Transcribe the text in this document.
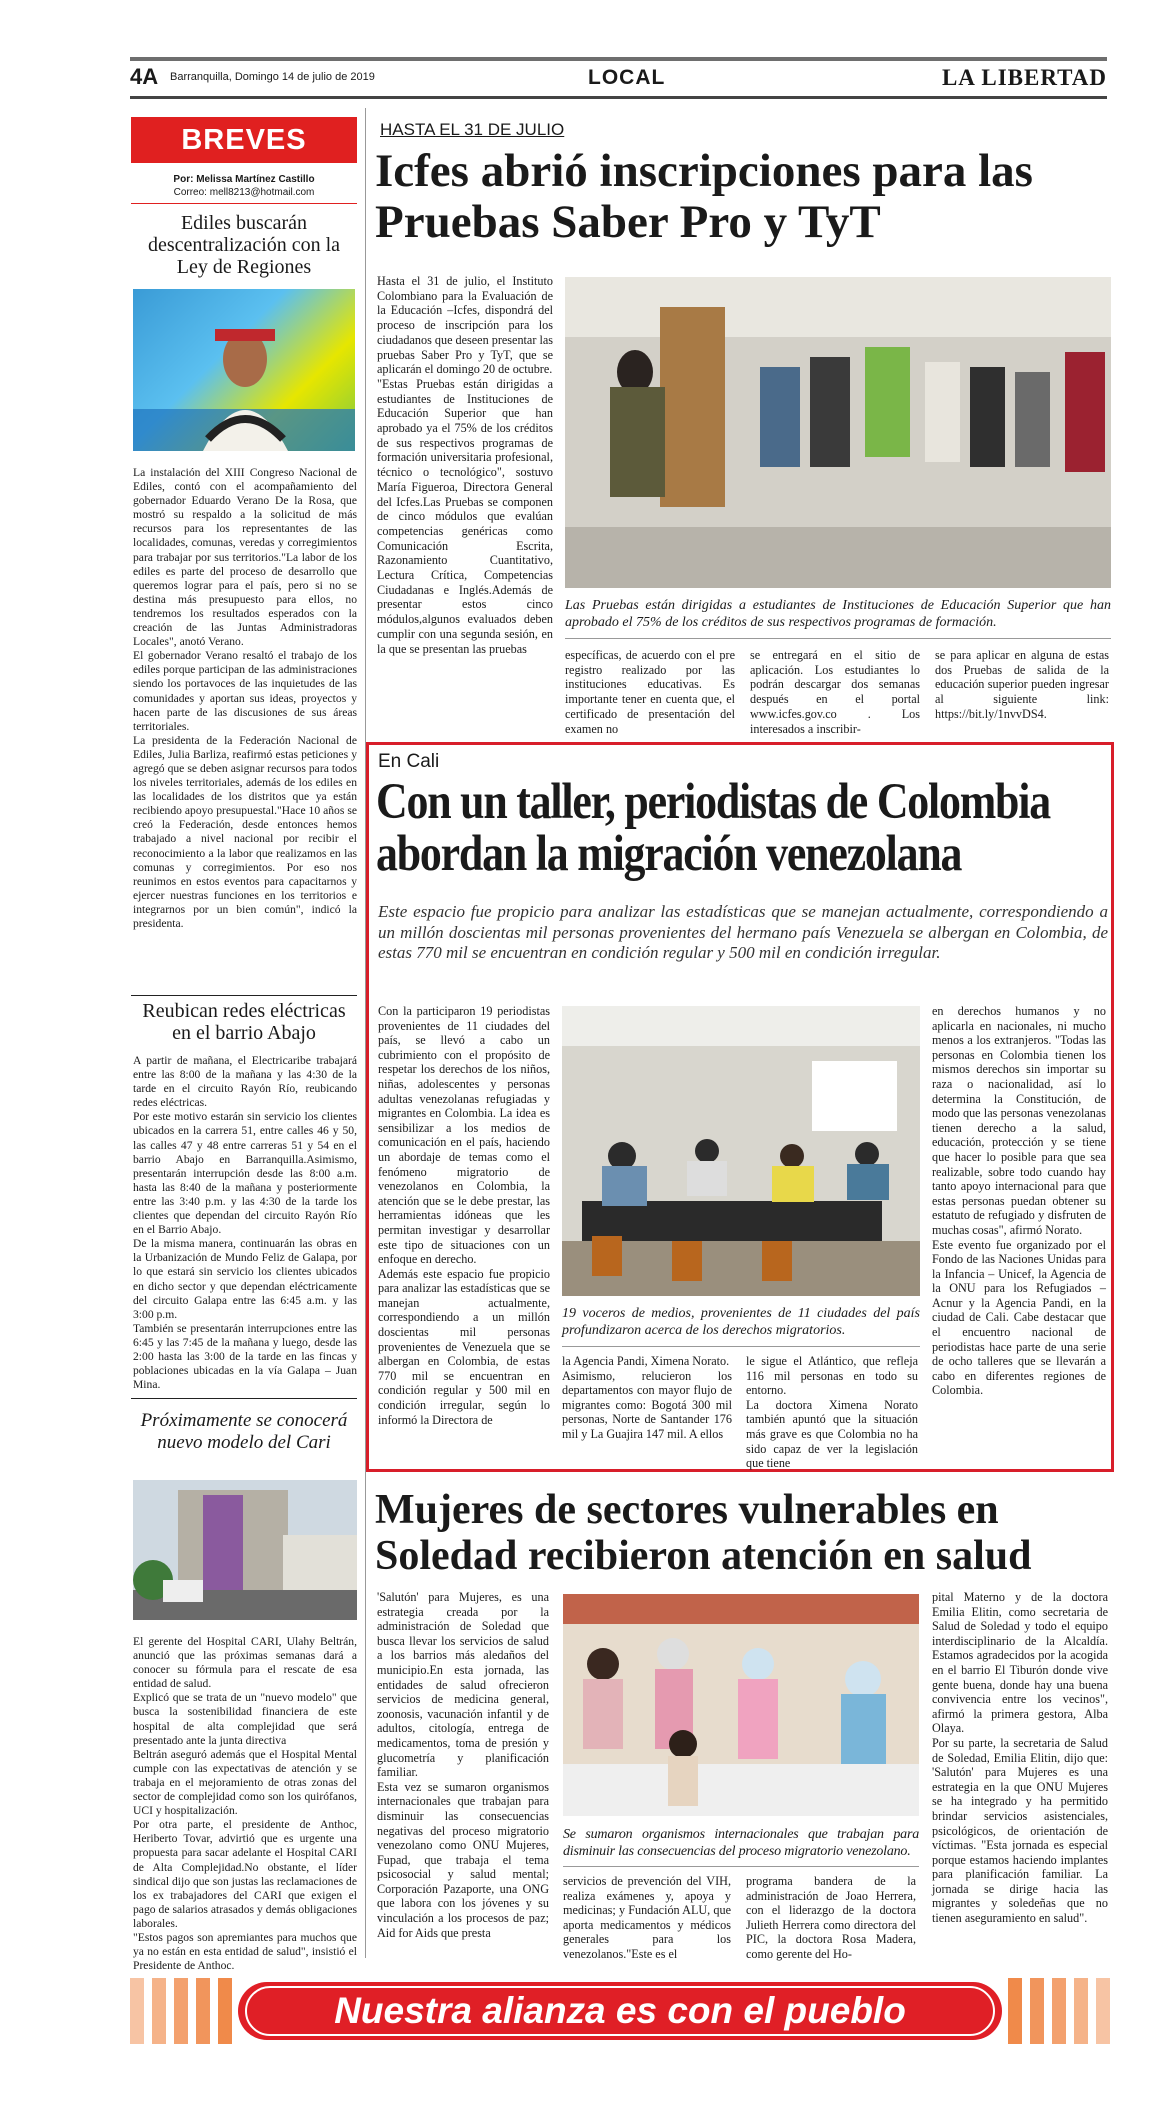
4A Barranquilla, Domingo 14 de julio de 2019	LOCAL	LA LIBERTAD
BREVES
Por: Melissa Martínez Castillo
Correo: mell8213@hotmail.com
Ediles buscarán descentralización con la Ley de Regiones

La instalación del XIII Congreso Nacional de Ediles, contó con el acompañamiento del gobernador Eduardo Verano De la Rosa, que mostró su respaldo a la solicitud de más recursos para los representantes de las localidades, comunas, veredas y corregimientos para trabajar por sus territorios."La labor de los ediles es parte del proceso de desarrollo que queremos lograr para el país, pero si no se destina más presupuesto para ellos, no tendremos los resultados esperados con la creación de las Juntas Administradoras Locales", anotó Verano.
El gobernador Verano resaltó el trabajo de los ediles porque participan de las administraciones siendo los portavoces de las inquietudes de las comunidades y aportan sus ideas, proyectos y hacen parte de las discusiones de sus áreas territoriales.
La presidenta de la Federación Nacional de Ediles, Julia Barliza, reafirmó estas peticiones y agregó que se deben asignar recursos para todos los niveles territoriales, además de los ediles en las localidades de los distritos que ya están recibiendo apoyo presupuestal."Hace 10 años se creó la Federación, desde entonces hemos trabajado a nivel nacional por recibir el reconocimiento a la labor que realizamos en las comunas y corregimientos. Por eso nos reunimos en estos eventos para capacitarnos y ejercer nuestras funciones en los territorios e integrarnos por un bien común", indicó la presidenta.

Reubican redes eléctricas en el barrio Abajo

A partir de mañana, el Electricaribe trabajará entre las 8:00 de la mañana y las 4:30 de la tarde en el circuito Rayón Río, reubicando redes eléctricas.
Por este motivo estarán sin servicio los clientes ubicados en la carrera 51, entre calles 46 y 50, las calles 47 y 48 entre carreras 51 y 54 en el barrio Abajo en Barranquilla.Asimismo, presentarán interrupción desde las 8:00 a.m. hasta las 8:40 de la mañana y posteriormente entre las 3:40 p.m. y las 4:30 de la tarde los clientes que dependan del circuito Rayón Río en el Barrio Abajo.
De la misma manera, continuarán las obras en la Urbanización de Mundo Feliz de Galapa, por lo que estará sin servicio los clientes ubicados en dicho sector y que dependan eléctricamente del circuito Galapa entre las 6:45 a.m. y las 3:00 p.m.
También se presentarán interrupciones entre las 6:45 y las 7:45 de la mañana y luego, desde las 2:00 hasta las 3:00 de la tarde en las fincas y poblaciones ubicadas en la vía Galapa – Juan Mina.

Próximamente se conocerá nuevo modelo del Cari

El gerente del Hospital CARI, Ulahy Beltrán, anunció que las próximas semanas dará a conocer su fórmula para el rescate de esa entidad de salud.
Explicó que se trata de un "nuevo modelo" que busca la sostenibilidad financiera de este hospital de alta complejidad que será presentado ante la junta directiva
Beltrán aseguró además que el Hospital Mental cumple con las expectativas de atención y se trabaja en el mejoramiento de otras zonas del sector de complejidad como son los quirófanos, UCI y hospitalización.
Por otra parte, el presidente de Anthoc, Heriberto Tovar, advirtió que es urgente una propuesta para sacar adelante el Hospital CARI de Alta Complejidad.No obstante, el líder sindical dijo que son justas las reclamaciones de los ex trabajadores del CARI que exigen el pago de salarios atrasados y demás obligaciones laborales.
"Estos pagos son apremiantes para muchos que ya no están en esta entidad de salud", insistió el Presidente de Anthoc.

HASTA EL 31 DE JULIO
Icfes abrió inscripciones para las Pruebas Saber Pro y TyT

Hasta el 31 de julio, el Instituto Colombiano para la Evaluación de la Educación –Icfes, dispondrá del proceso de inscripción para los ciudadanos que deseen presentar las pruebas Saber Pro y TyT, que se aplicarán el domingo 20 de octubre.
"Estas Pruebas están dirigidas a estudiantes de Instituciones de Educación Superior que han aprobado ya el 75% de los créditos de sus respectivos programas de formación universitaria profesional, técnico o tecnológico", sostuvo María Figueroa, Directora General del Icfes.Las Pruebas se componen de cinco módulos que evalúan competencias genéricas como Comunicación Escrita, Razonamiento Cuantitativo, Lectura Crítica, Competencias Ciudadanas e Inglés.Además de presentar estos cinco módulos,algunos evaluados deben cumplir con una segunda sesión, en la que se presentan las pruebas

Las Pruebas están dirigidas a estudiantes de Instituciones de Educación Superior que han aprobado el 75% de los créditos de sus respectivos programas de formación.

específicas, de acuerdo con el pre registro realizado por las instituciones educativas. Es importante tener en cuenta que, el certificado de presentación del examen no

se entregará en el sitio de aplicación. Los estudiantes lo podrán descargar dos semanas después en el portal www.icfes.gov.co . Los interesados a inscribir-

se para aplicar en alguna de estas dos Pruebas de salida de la educación superior pueden ingresar al siguiente link: https://bit.ly/1nvvDS4.

En Cali
Con un taller, periodistas de Colombia abordan la migración venezolana
Este espacio fue propicio para analizar las estadísticas que se manejan actualmente, correspondiendo a un millón doscientas mil personas provenientes del hermano país Venezuela se albergan en Colombia, de estas 770 mil se encuentran en condición regular y 500 mil en condición irregular.

Con la participaron 19 periodistas provenientes de 11 ciudades del país, se llevó a cabo un cubrimiento con el propósito de respetar los derechos de los niños, niñas, adolescentes y personas adultas venezolanas refugiadas y migrantes en Colombia. La idea es sensibilizar a los medios de comunicación en el país, haciendo un abordaje de temas como el fenómeno migratorio de venezolanos en Colombia, la atención que se le debe prestar, las herramientas idóneas que les permitan investigar y desarrollar este tipo de situaciones con un enfoque en derecho.
Además este espacio fue propicio para analizar las estadísticas que se manejan actualmente, correspondiendo a un millón doscientas mil personas provenientes de Venezuela que se albergan en Colombia, de estas 770 mil se encuentran en condición regular y 500 mil en condición irregular, según lo informó la Directora de

19 voceros de medios, provenientes de 11 ciudades del país profundizaron acerca de los derechos migratorios.

la Agencia Pandi, Ximena Norato.
Asimismo, relucieron los departamentos con mayor flujo de migrantes como: Bogotá 300 mil personas, Norte de Santander 176 mil y La Guajira 147 mil. A ellos

le sigue el Atlántico, que refleja 116 mil personas en todo su entorno.
La doctora Ximena Norato también apuntó que la situación más grave es que Colombia no ha sido capaz de ver la legislación que tiene

en derechos humanos y no aplicarla en nacionales, ni mucho menos a los extranjeros. "Todas las personas en Colombia tienen los mismos derechos sin importar su raza o nacionalidad, así lo determina la Constitución, de modo que las personas venezolanas tienen derecho a la salud, educación, protección y se tiene que hacer lo posible para que sea realizable, sobre todo cuando hay tanto apoyo internacional para que estas personas puedan obtener su estatuto de refugiado y disfruten de muchas cosas", afirmó Norato.
Este evento fue organizado por el Fondo de las Naciones Unidas para la Infancia – Unicef, la Agencia de la ONU para los Refugiados – Acnur y la Agencia Pandi, en la ciudad de Cali. Cabe destacar que el encuentro nacional de periodistas hace parte de una serie de ocho talleres que se llevarán a cabo en diferentes regiones de Colombia.

Mujeres de sectores vulnerables en Soledad recibieron atención en salud

'Salutón' para Mujeres, es una estrategia creada por la administración de Soledad que busca llevar los servicios de salud a los barrios más aledaños del municipio.En esta jornada, las entidades de salud ofrecieron servicios de medicina general, zoonosis, vacunación infantil y de adultos, citología, entrega de medicamentos, toma de presión y glucometría y planificación familiar.
Esta vez se sumaron organismos internacionales que trabajan para disminuir las consecuencias negativas del proceso migratorio venezolano como ONU Mujeres, Fupad, que trabaja el tema psicosocial y salud mental; Corporación Pazaporte, una ONG que labora con los jóvenes y su vinculación a los procesos de paz; Aid for Aids que presta

Se sumaron organismos internacionales que trabajan para disminuir las consecuencias del proceso migratorio venezolano.

servicios de prevención del VIH, realiza exámenes y, apoya y medicinas; y Fundación ALU, que aporta medicamentos y médicos generales para los venezolanos."Este es el

programa bandera de la administración de Joao Herrera, con el liderazgo de la doctora Julieth Herrera como directora del PIC, la doctora Rosa Madera, como gerente del Ho-

pital Materno y de la doctora Emilia Elitin, como secretaria de Salud de Soledad y todo el equipo interdisciplinario de la Alcaldía. Estamos agradecidos por la acogida en el barrio El Tiburón donde vive gente buena, donde hay una buena convivencia entre los vecinos", afirmó la primera gestora, Alba Olaya.
Por su parte, la secretaria de Salud de Soledad, Emilia Elitin, dijo que: 'Salutón' para Mujeres es una estrategia en la que ONU Mujeres se ha integrado y ha permitido brindar servicios asistenciales, psicológicos, de orientación de víctimas. "Esta jornada es especial porque estamos haciendo implantes para planificación familiar. La jornada se dirige hacia las migrantes y soledeñas que no tienen aseguramiento en salud".

Nuestra alianza es con el pueblo
